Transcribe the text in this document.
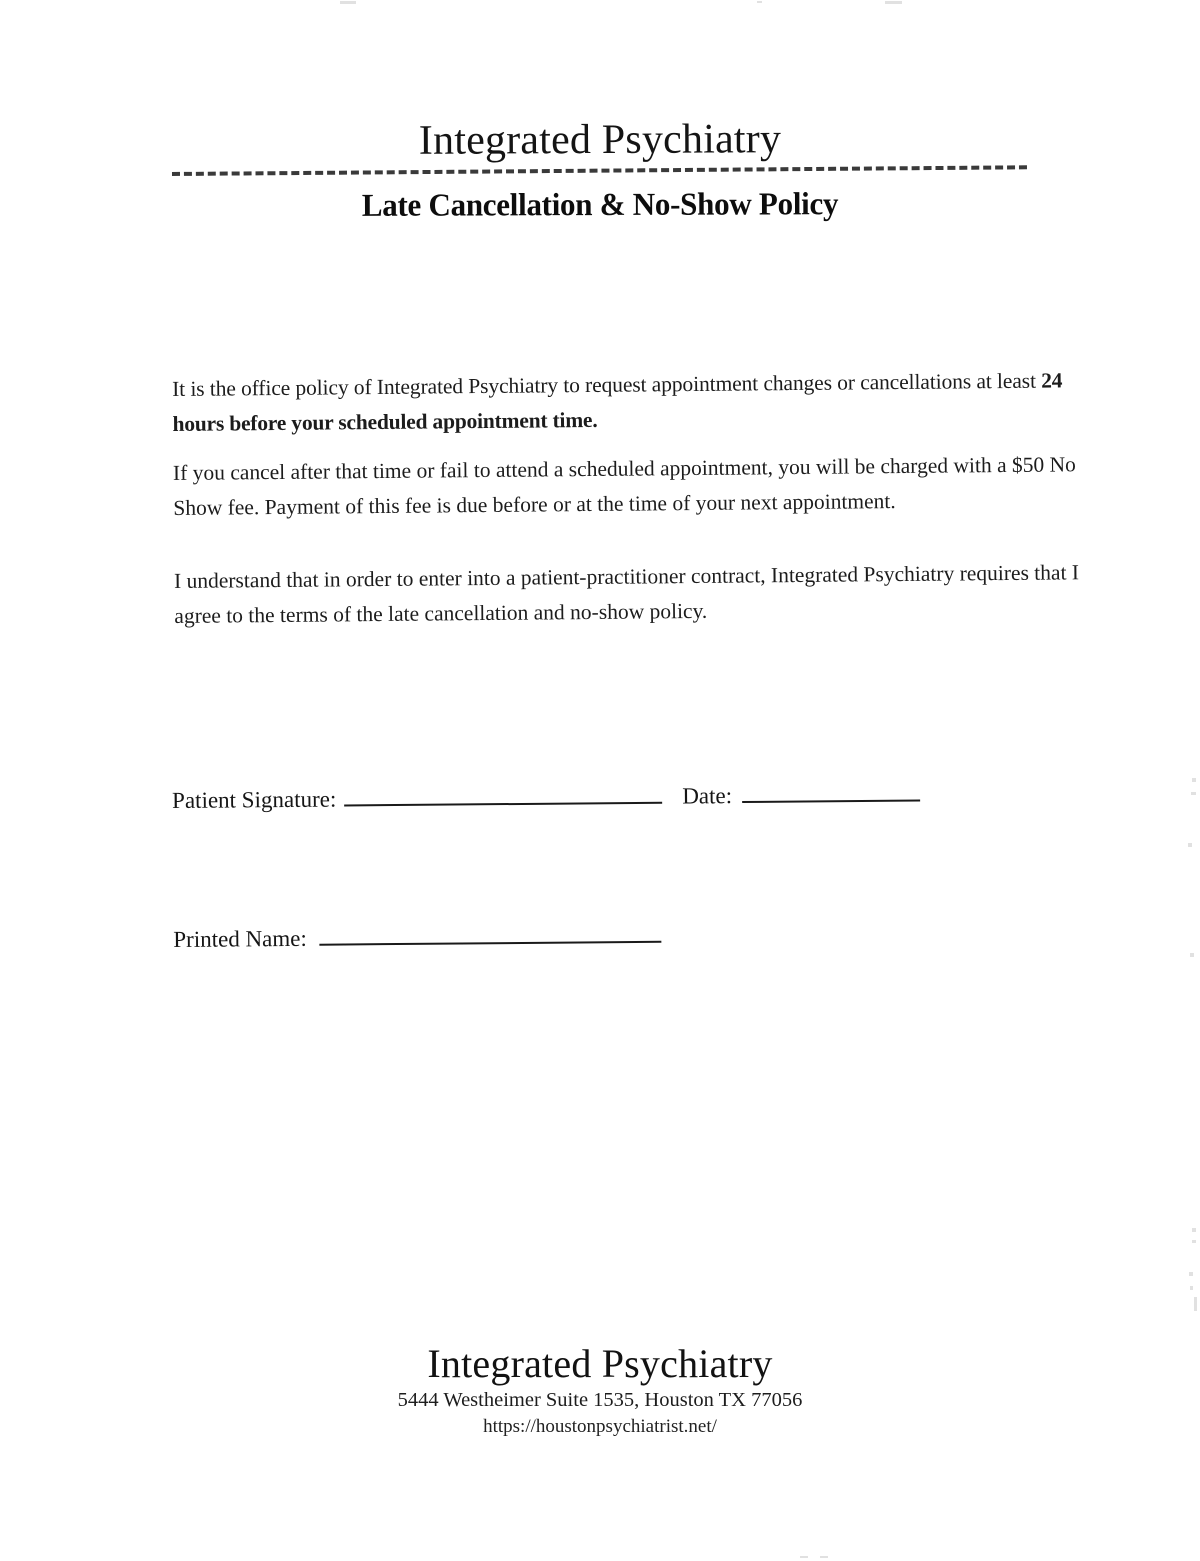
Integrated Psychiatry
Late Cancellation & No-Show Policy

It is the office policy of Integrated Psychiatry to request appointment changes or cancellations at least 24 hours before your scheduled appointment time.

If you cancel after that time or fail to attend a scheduled appointment, you will be charged with a $50 No Show fee. Payment of this fee is due before or at the time of your next appointment.

I understand that in order to enter into a patient-practitioner contract, Integrated Psychiatry requires that I agree to the terms of the late cancellation and no-show policy.

Patient Signature:	Date:
Printed Name:
Integrated Psychiatry
5444 Westheimer Suite 1535, Houston TX 77056
https://houstonpsychiatrist.net/
